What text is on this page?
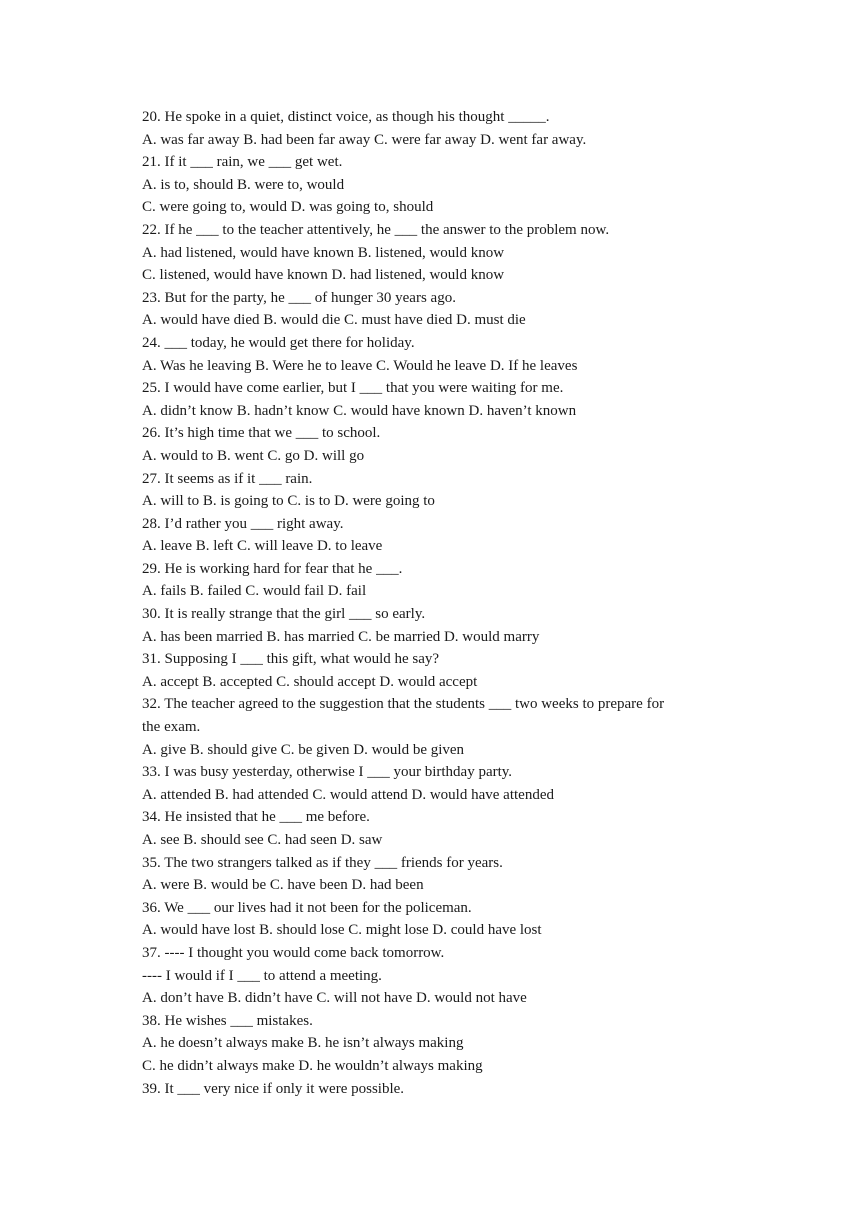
20. He spoke in a quiet, distinct voice, as though his thought _____.
A. was far away B. had been far away C. were far away D. went far away.
21. If it ___ rain, we ___ get wet.
A. is to, should B. were to, would
C. were going to, would D. was going to, should
22. If he ___ to the teacher attentively, he ___ the answer to the problem now.
A. had listened, would have known B. listened, would know
C. listened, would have known D. had listened, would know
23. But for the party, he ___ of hunger 30 years ago.
A. would have died B. would die C. must have died D. must die
24. ___ today, he would get there for holiday.
A. Was he leaving B. Were he to leave C. Would he leave D. If he leaves
25. I would have come earlier, but I ___ that you were waiting for me.
A. didn’t know B. hadn’t know C. would have known D. haven’t known
26. It’s high time that we ___ to school.
A. would to B. went C. go D. will go
27. It seems as if it ___ rain.
A. will to B. is going to C. is to D. were going to
28. I’d rather you ___ right away.
A. leave B. left C. will leave D. to leave
29. He is working hard for fear that he ___.
A. fails B. failed C. would fail D. fail
30. It is really strange that the girl ___ so early.
A. has been married B. has married C. be married D. would marry
31. Supposing I ___ this gift, what would he say?
A. accept B. accepted C. should accept D. would accept
32. The teacher agreed to the suggestion that the students ___ two weeks to prepare for
the exam.
A. give B. should give C. be given D. would be given
33. I was busy yesterday, otherwise I ___ your birthday party.
A. attended B. had attended C. would attend D. would have attended
34. He insisted that he ___ me before.
A. see B. should see C. had seen D. saw
35. The two strangers talked as if they ___ friends for years.
A. were B. would be C. have been D. had been
36. We ___ our lives had it not been for the policeman.
A. would have lost B. should lose C. might lose D. could have lost
37. ---- I thought you would come back tomorrow.
---- I would if I ___ to attend a meeting.
A. don’t have B. didn’t have C. will not have D. would not have
38. He wishes ___ mistakes.
A. he doesn’t always make B. he isn’t always making
C. he didn’t always make D. he wouldn’t always making
39. It ___ very nice if only it were possible.
